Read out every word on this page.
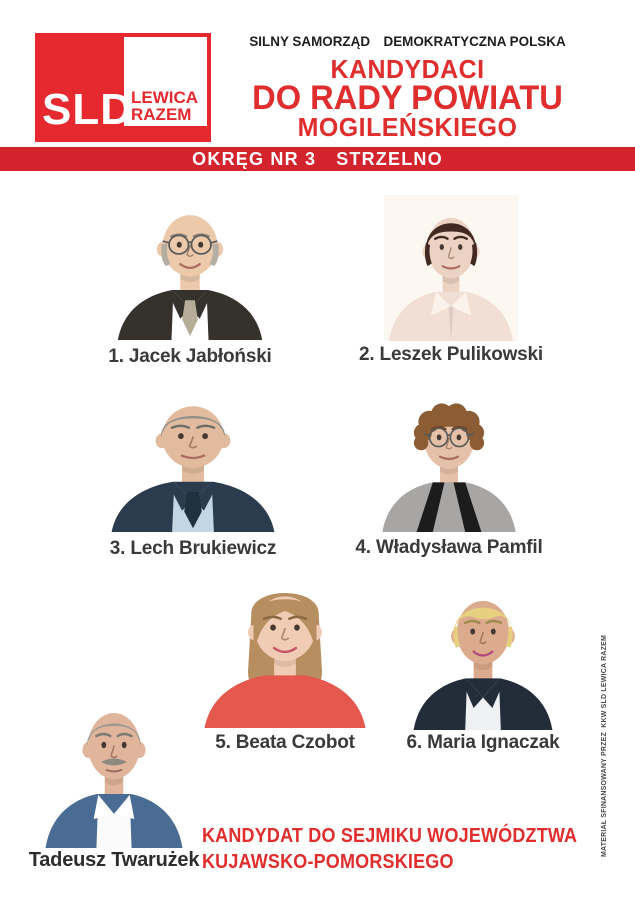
LEWICA
RAZEM
SLD
SILNY SAMORZĄD DEMOKRATYCZNA POLSKA
KANDYDACI
DO RADY POWIATU
MOGILEŃSKIEGO
OKRĘG NR 3 STRZELNO
1. Jacek Jabłoński	2. Leszek Pulikowski
3. Lech Brukiewicz	4. Władysława Pamfil
5. Beata Czobot	6. Maria Ignaczak
Tadeusz Twarużek
KANDYDAT DO SEJMIKU WOJEWÓDZTWA
KUJAWSKO-POMORSKIEGO
MATERIAŁ SFINANSOWANY PRZEZ  KKW SLD LEWICA RAZEM
